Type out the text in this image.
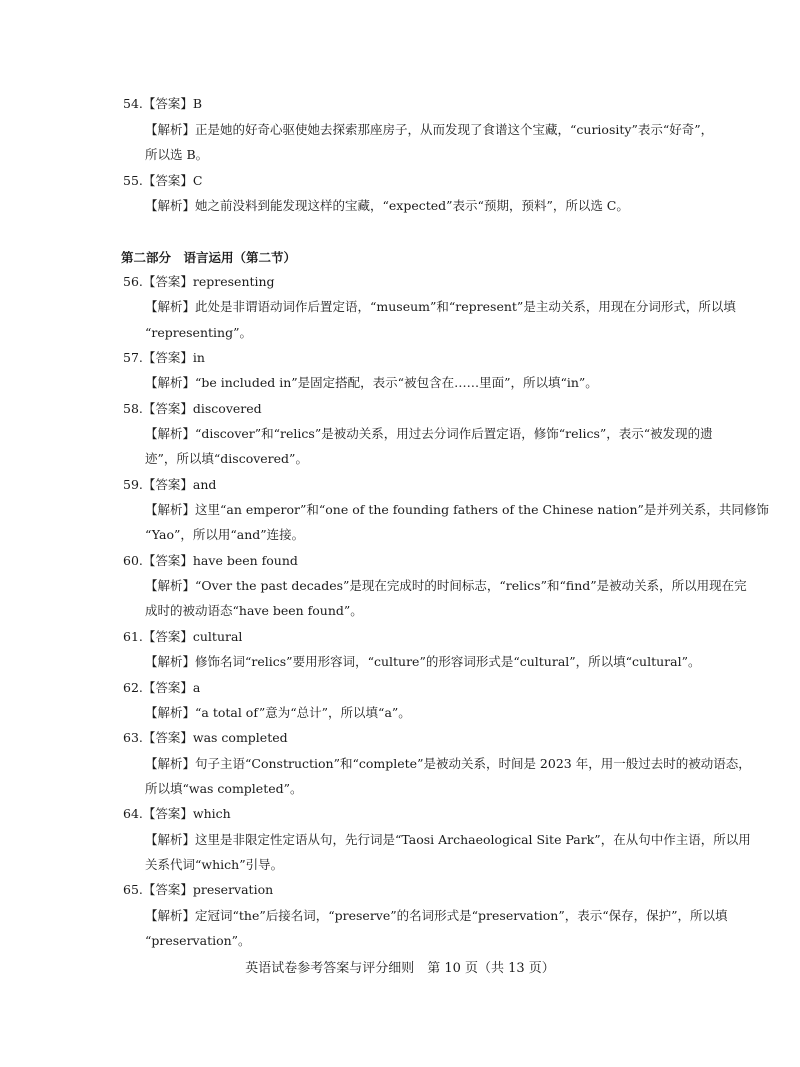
54.【答案】B
【解析】正是她的好奇心驱使她去探索那座房子，从而发现了食谱这个宝藏，“curiosity”表示“好奇”，
所以选 B。
55.【答案】C
【解析】她之前没料到能发现这样的宝藏，“expected”表示“预期，预料”，所以选 C。
第二部分　语言运用（第二节）
56.【答案】representing
【解析】此处是非谓语动词作后置定语，“museum”和“represent”是主动关系，用现在分词形式，所以填
“representing”。
57.【答案】in
【解析】“be included in”是固定搭配，表示“被包含在……里面”，所以填“in”。
58.【答案】discovered
【解析】“discover”和“relics”是被动关系，用过去分词作后置定语，修饰“relics”，表示“被发现的遗
迹”，所以填“discovered”。
59.【答案】and
【解析】这里“an emperor”和“one of the founding fathers of the Chinese nation”是并列关系，共同修饰
“Yao”，所以用“and”连接。
60.【答案】have been found
【解析】“Over the past decades”是现在完成时的时间标志，“relics”和“find”是被动关系，所以用现在完
成时的被动语态“have been found”。
61.【答案】cultural
【解析】修饰名词“relics”要用形容词，“culture”的形容词形式是“cultural”，所以填“cultural”。
62.【答案】a
【解析】“a total of”意为“总计”，所以填“a”。
63.【答案】was completed
【解析】句子主语“Construction”和“complete”是被动关系，时间是 2023 年，用一般过去时的被动语态，
所以填“was completed”。
64.【答案】which
【解析】这里是非限定性定语从句，先行词是“Taosi Archaeological Site Park”，在从句中作主语，所以用
关系代词“which”引导。
65.【答案】preservation
【解析】定冠词“the”后接名词，“preserve”的名词形式是“preservation”，表示“保存，保护”，所以填
“preservation”。
英语试卷参考答案与评分细则　第 10 页（共 13 页）
